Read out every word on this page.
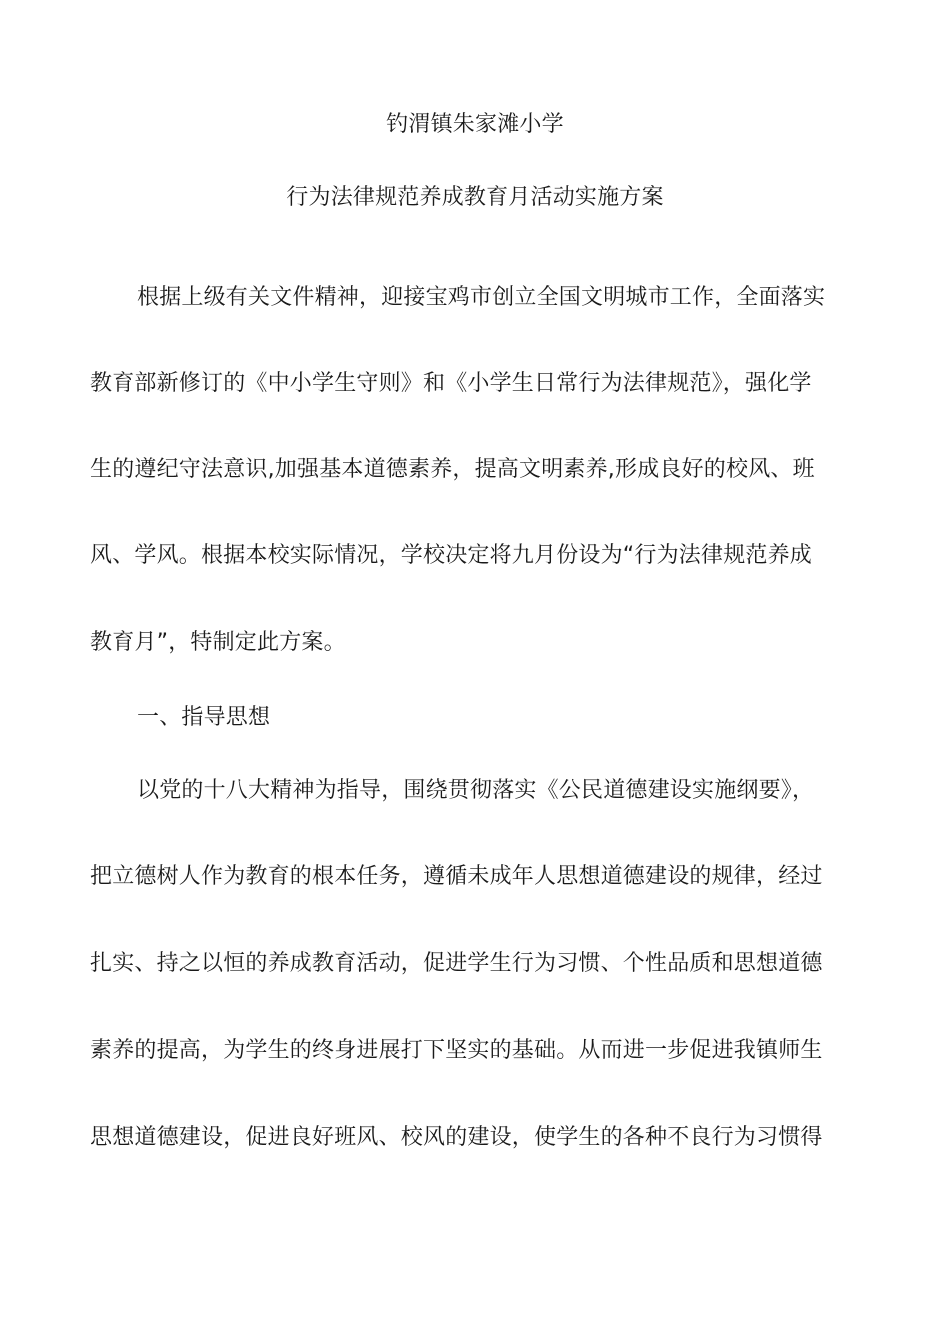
钓渭镇朱家滩小学
行为法律规范养成教育月活动实施方案
根据上级有关文件精神，迎接宝鸡市创立全国文明城市工作，全面落实
教育部新修订的《中小学生守则》和《小学生日常行为法律规范》，强化学
生的遵纪守法意识,加强基本道德素养，提高文明素养,形成良好的校风、班
风、学风。根据本校实际情况，学校决定将九月份设为“行为法律规范养成
教育月”，特制定此方案。
一、指导思想
以党的十八大精神为指导，围绕贯彻落实《公民道德建设实施纲要》，
把立德树人作为教育的根本任务，遵循未成年人思想道德建设的规律，经过
扎实、持之以恒的养成教育活动，促进学生行为习惯、个性品质和思想道德
素养的提高，为学生的终身进展打下坚实的基础。从而进一步促进我镇师生
思想道德建设，促进良好班风、校风的建设，使学生的各种不良行为习惯得
